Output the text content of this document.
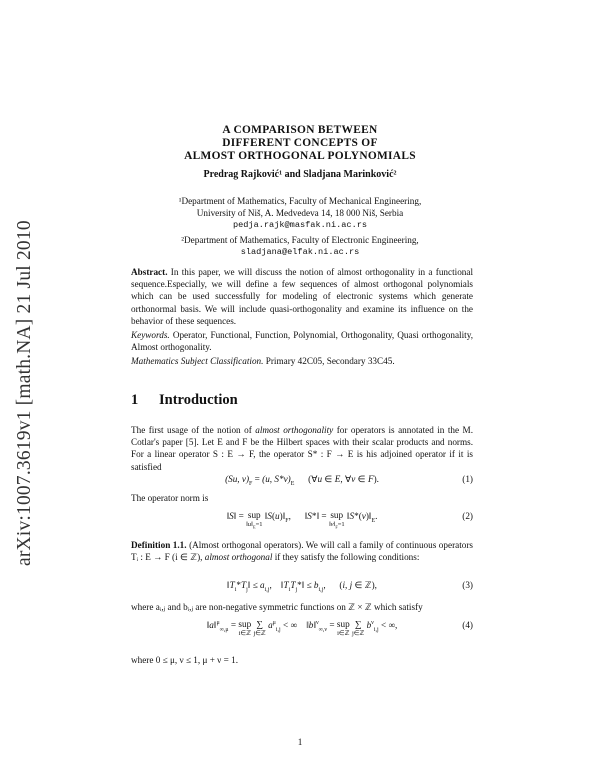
arXiv:1007.3619v1 [math.NA] 21 Jul 2010
A COMPARISON BETWEEN
DIFFERENT CONCEPTS OF
ALMOST ORTHOGONAL POLYNOMIALS
Predrag Rajković¹ and Sladjana Marinković²
¹Department of Mathematics, Faculty of Mechanical Engineering,
University of Niš, A. Medvedeva 14, 18 000 Niš, Serbia
pedja.rajk@masfak.ni.ac.rs
²Department of Mathematics, Faculty of Electronic Engineering,
sladjana@elfak.ni.ac.rs
Abstract. In this paper, we will discuss the notion of almost orthogonality in a functional sequence.Especially, we will define a few sequences of almost orthogonal polynomials which can be used successfully for modeling of electronic systems which generate orthonormal basis. We will include quasi-orthogonality and examine its influence on the behavior of these sequences.
Keywords. Operator, Functional, Function, Polynomial, Orthogonality, Quasi orthogonality, Almost orthogonality.
Mathematics Subject Classification. Primary 42C05, Secondary 33C45.
1 Introduction
The first usage of the notion of almost orthogonality for operators is annotated in the M. Cotlar's paper [5]. Let E and F be the Hilbert spaces with their scalar products and norms. For a linear operator S : E → F, the operator S* : F → E is his adjoined operator if it is satisfied
(Su, $v)_F = (u$, $S*v)_E$      (∀u ∈ E, ∀v ∈ F).	(1)
The operator norm is
‖S‖ = sup
$‖u‖_E=1$
$‖S(u)‖_F$,      ‖S*‖ = sup
$‖v‖_F=1$
$‖S*(v)‖_E$.	(2)
Definition 1.1. (Almost orthogonal operators). We will call a family of continuous operators Tᵢ : E → F (i ∈ ℤ), almost orthogonal if they satisfy the following conditions:
$‖T_i*T_j‖ \le a_{i,j}$,    $‖T_iT_j*‖ \le b_{i,j}$,      (i, j ∈ ℤ),	(3)
where aᵢ,ⱼ and bᵢ,ⱼ are non-negative symmetric functions on ℤ × ℤ which satisfy
‖a‖$^\mu_{\infty,\mu}$ = sup
i∈ℤ
∑
j∈ℤ
$a^\mu_{i,j}$ < ∞    ‖b‖$^\nu_{\infty,\nu}$ = sup
i∈ℤ
∑
j∈ℤ
$b^\nu_{i,j}$ < ∞,	(4)
where 0 ≤ μ, ν ≤ 1, μ + ν = 1.
1
